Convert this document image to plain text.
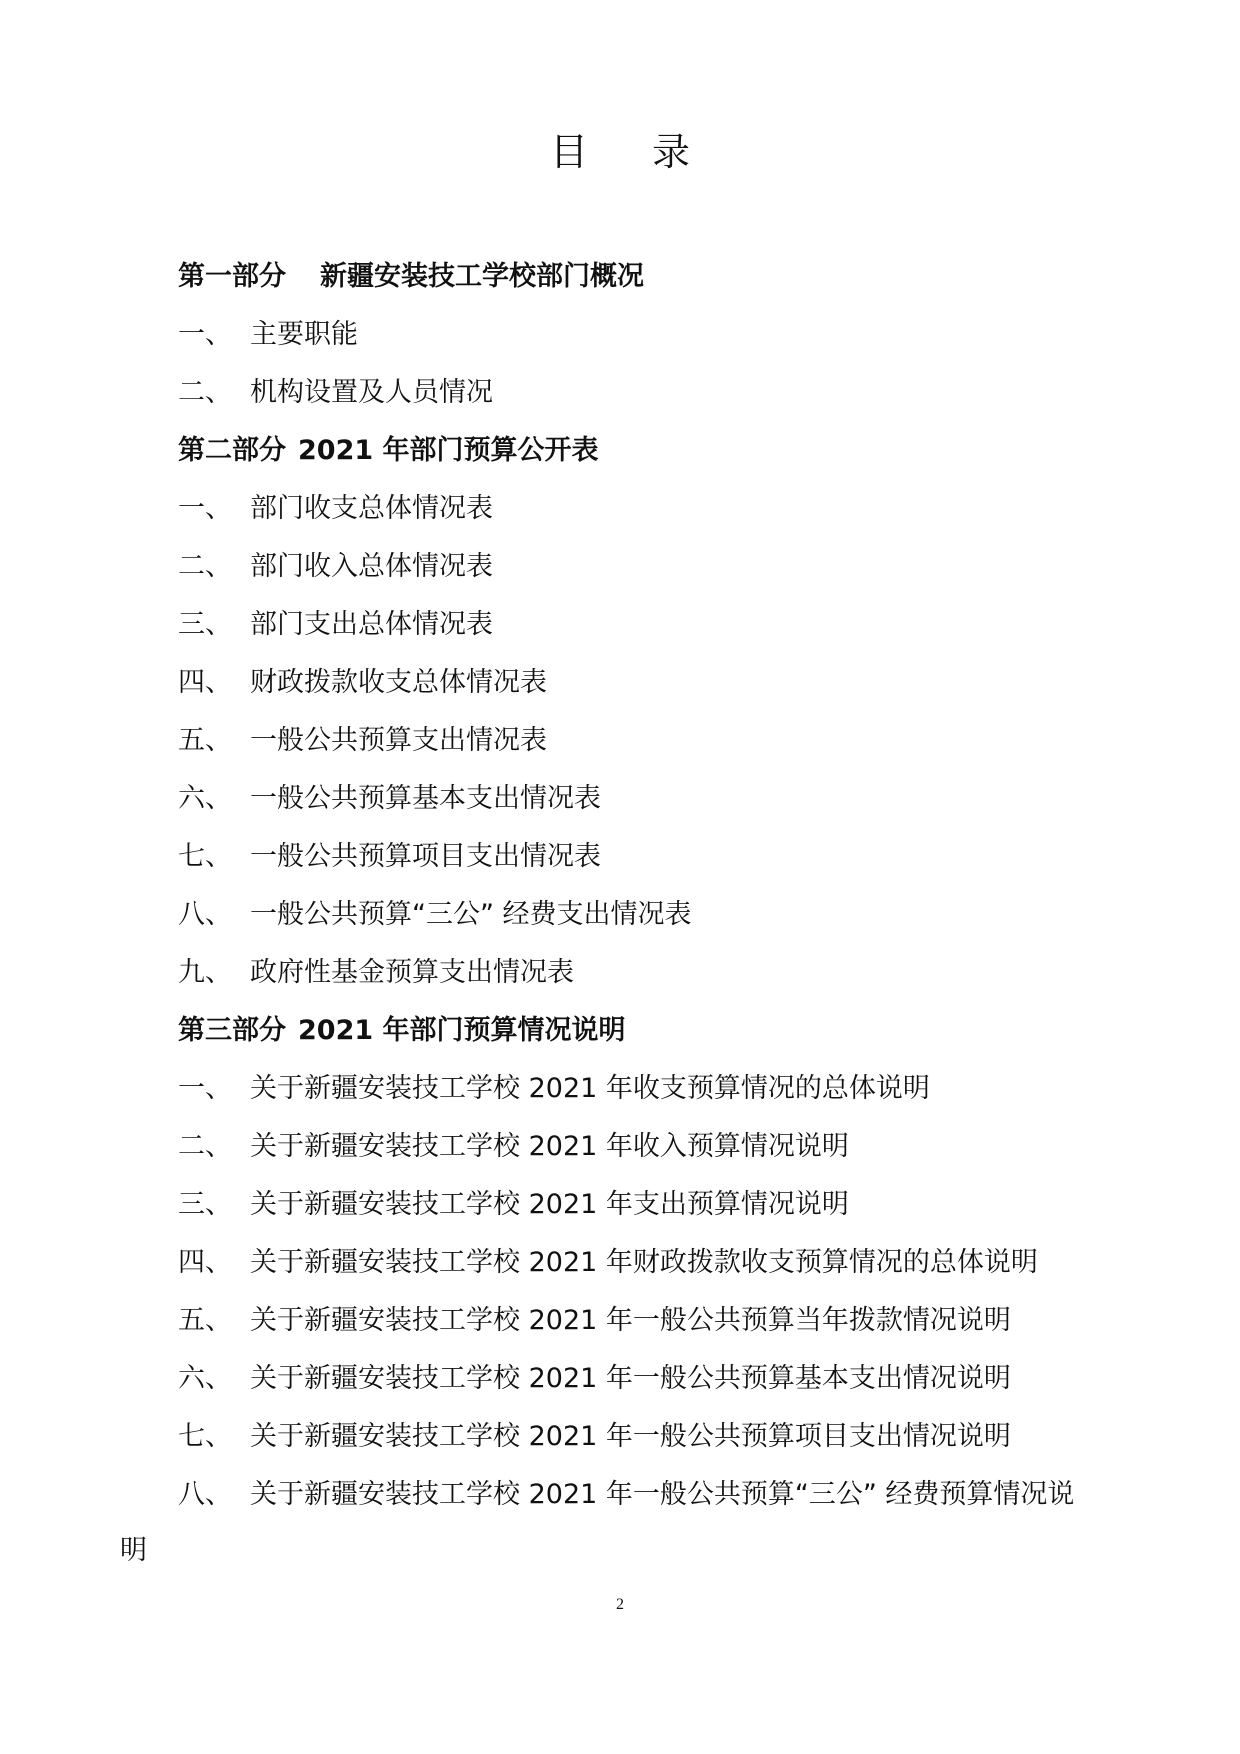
目 录
第一部分 新疆安装技工学校部门概况
一、 主要职能
二、 机构设置及人员情况
第二部分 2021 年部门预算公开表
一、 部门收支总体情况表
二、 部门收入总体情况表
三、 部门支出总体情况表
四、 财政拨款收支总体情况表
五、 一般公共预算支出情况表
六、 一般公共预算基本支出情况表
七、 一般公共预算项目支出情况表
八、 一般公共预算“三公” 经费支出情况表
九、 政府性基金预算支出情况表
第三部分 2021 年部门预算情况说明
一、 关于新疆安装技工学校 2021 年收支预算情况的总体说明
二、 关于新疆安装技工学校 2021 年收入预算情况说明
三、 关于新疆安装技工学校 2021 年支出预算情况说明
四、 关于新疆安装技工学校 2021 年财政拨款收支预算情况的总体说明
五、 关于新疆安装技工学校 2021 年一般公共预算当年拨款情况说明
六、 关于新疆安装技工学校 2021 年一般公共预算基本支出情况说明
七、 关于新疆安装技工学校 2021 年一般公共预算项目支出情况说明
八、 关于新疆安装技工学校 2021 年一般公共预算“三公” 经费预算情况说
明
2
